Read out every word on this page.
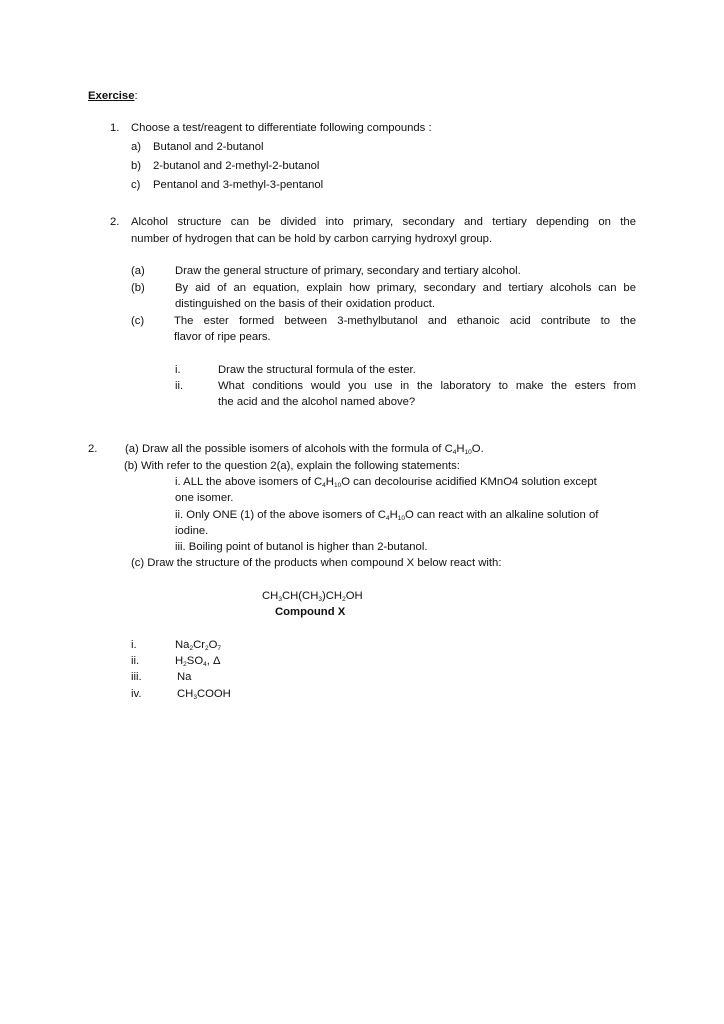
Exercise:
1. Choose a test/reagent to differentiate following compounds :
a) Butanol and 2-butanol
b) 2-butanol and 2-methyl-2-butanol
c) Pentanol and 3-methyl-3-pentanol
2. Alcohol structure can be divided into primary, secondary and tertiary depending on the
number of hydrogen that can be hold by carbon carrying hydroxyl group.
(a)	Draw the general structure of primary, secondary and tertiary alcohol.
(b)	By aid of an equation, explain how primary, secondary and tertiary alcohols can be
distinguished on the basis of their oxidation product.
(c)	The ester formed between 3-methylbutanol and ethanoic acid contribute to the
flavor of ripe pears.
i.	Draw the structural formula of the ester.
ii.	What conditions would you use in the laboratory to make the esters from
the acid and the alcohol named above?
2. (a) Draw all the possible isomers of alcohols with the formula of $C_4H_{10}O$.
(b) With refer to the question 2(a), explain the following statements:
i. ALL the above isomers of $C_4H_{10}O$ can decolourise acidified KMnO4 solution except
one isomer.
ii. Only ONE (1) of the above isomers of $C_4H_{10}O$ can react with an alkaline solution of
iodine.
iii. Boiling point of butanol is higher than 2-butanol.
(c) Draw the structure of the products when compound X below react with:
$CH_3CH(CH_3)CH_2OH$
Compound X
i.	$Na_2Cr_2O_7$
ii.	$H_2SO_4$, Δ
iii.	Na
iv.	$CH_3COOH$
